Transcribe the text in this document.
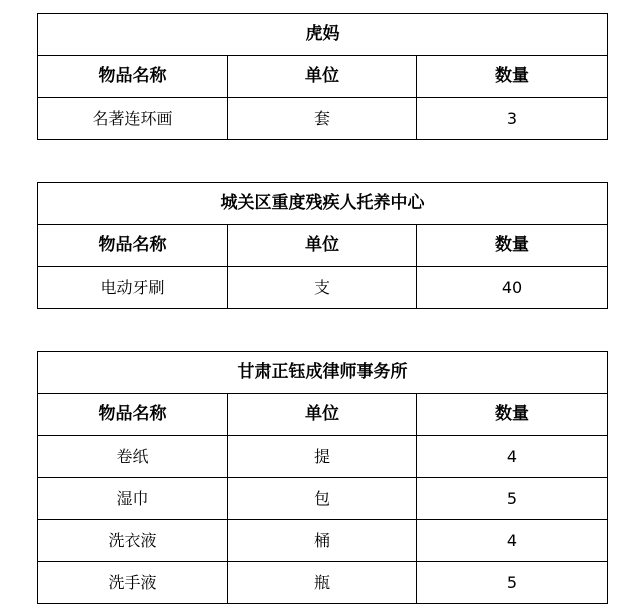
虎妈		
物品名称	单位	数量
名著连环画	套	3
城关区重度残疾人托养中心		
物品名称	单位	数量
电动牙刷	支	40
甘肃正钰成律师事务所		
物品名称	单位	数量
卷纸	提	4
湿巾	包	5
洗衣液	桶	4
洗手液	瓶	5
